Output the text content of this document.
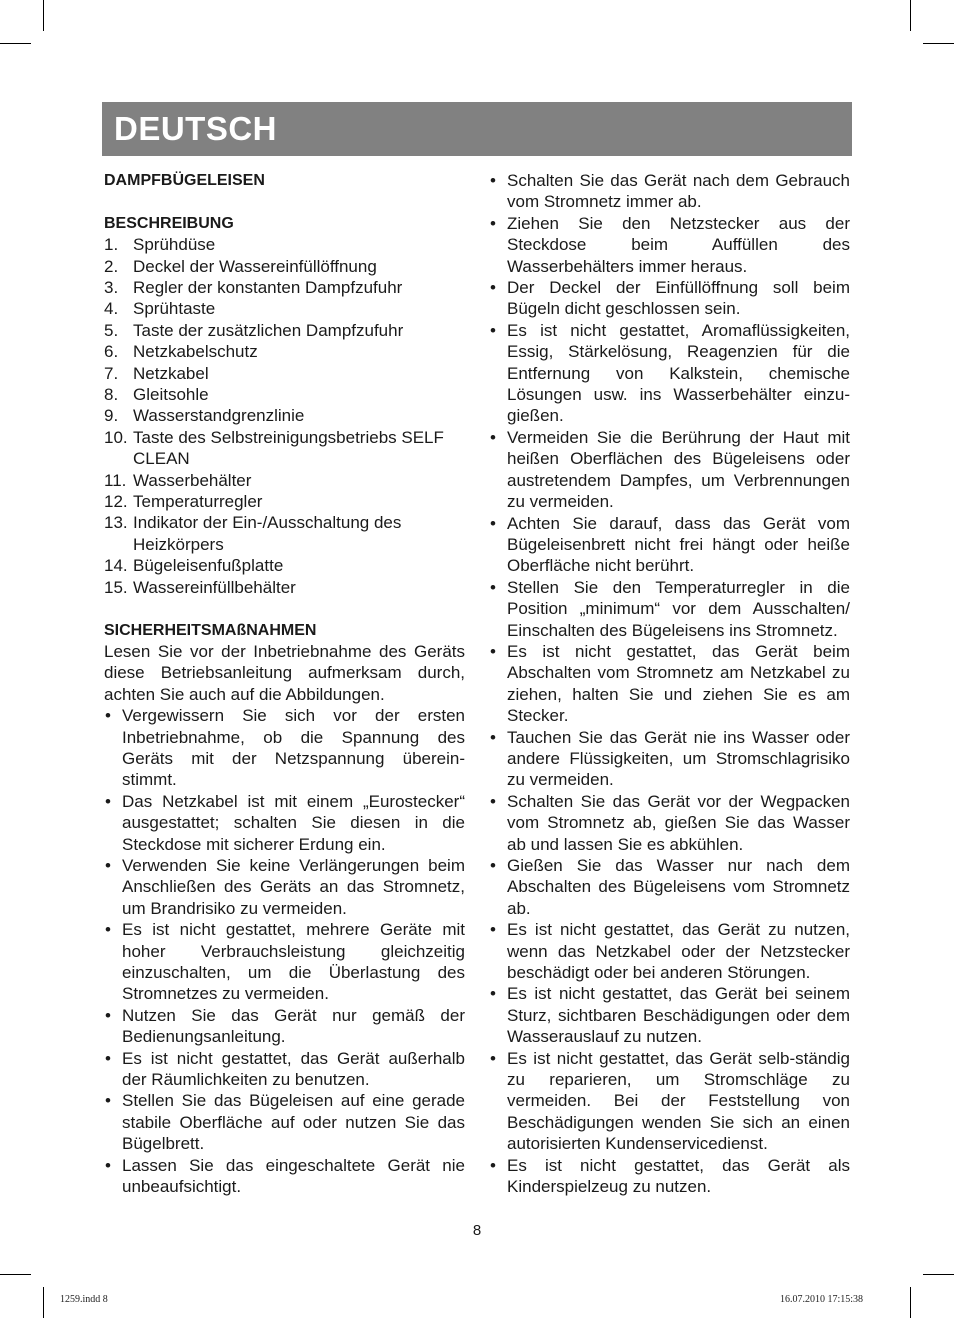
DEUTSCH
DAMPFBÜGELEISEN
BESCHREIBUNG
1. Sprühdüse
2. Deckel der Wassereinfüllöffnung
3. Regler der konstanten Dampfzufuhr
4. Sprühtaste
5. Taste der zusätzlichen Dampfzufuhr
6. Netzkabelschutz
7. Netzkabel
8. Gleitsohle
9. Wasserstandgrenzlinie
10. Taste des Selbstreinigungsbetriebs SELF CLEAN
11. Wasserbehälter
12. Temperaturregler
13. Indikator der Ein-/Ausschaltung des Heizkörpers
14. Bügeleisenfußplatte
15. Wassereinfüllbehälter
SICHERHEITSMAßNAHMEN

Lesen Sie vor der Inbetriebnahme des Geräts diese Betriebsanleitung aufmerksam durch, achten Sie auch auf die Abbildungen.

• Vergewissern Sie sich vor der ersten Inbetriebnahme, ob die Spannung des Geräts mit der Netzspannung überein-stimmt.
• Das Netzkabel ist mit einem „Eurostecker“ ausgestattet; schalten Sie diesen in die Steckdose mit sicherer Erdung ein.
• Verwenden Sie keine Verlängerungen beim Anschließen des Geräts an das Stromnetz, um Brandrisiko zu vermeiden.
• Es ist nicht gestattet, mehrere Geräte mit hoher Verbrauchsleistung gleichzeitig einzuschalten, um die Überlastung des Stromnetzes zu vermeiden.
• Nutzen Sie das Gerät nur gemäß der Bedienungsanleitung.
• Es ist nicht gestattet, das Gerät außerhalb der Räumlichkeiten zu benutzen.
• Stellen Sie das Bügeleisen auf eine gerade stabile Oberfläche auf oder nutzen Sie das Bügelbrett.
• Lassen Sie das eingeschaltete Gerät nie unbeaufsichtigt.
• Schalten Sie das Gerät nach dem Gebrauch vom Stromnetz immer ab.
• Ziehen Sie den Netzstecker aus der Steckdose beim Auffüllen des Wasserbehälters immer heraus.
• Der Deckel der Einfüllöffnung soll beim Bügeln dicht geschlossen sein.
• Es ist nicht gestattet, Aromaflüssigkeiten, Essig, Stärkelösung, Reagenzien für die Entfernung von Kalkstein, chemische Lösungen usw. ins Wasserbehälter einzu-gießen.
• Vermeiden Sie die Berührung der Haut mit heißen Oberflächen des Bügeleisens oder austretendem Dampfes, um Verbrennungen zu vermeiden.
• Achten Sie darauf, dass das Gerät vom Bügeleisenbrett nicht frei hängt oder heiße Oberfläche nicht berührt.
• Stellen Sie den Temperaturregler in die Position „minimum“ vor dem Ausschalten/ Einschalten des Bügeleisens ins Stromnetz.
• Es ist nicht gestattet, das Gerät beim Abschalten vom Stromnetz am Netzkabel zu ziehen, halten Sie und ziehen Sie es am Stecker.
• Tauchen Sie das Gerät nie ins Wasser oder andere Flüssigkeiten, um Stromschlagrisiko zu vermeiden.
• Schalten Sie das Gerät vor der Wegpacken vom Stromnetz ab, gießen Sie das Wasser ab und lassen Sie es abkühlen.
• Gießen Sie das Wasser nur nach dem Abschalten des Bügeleisens vom Stromnetz ab.
• Es ist nicht gestattet, das Gerät zu nutzen, wenn das Netzkabel oder der Netzstecker beschädigt oder bei anderen Störungen.
• Es ist nicht gestattet, das Gerät bei seinem Sturz, sichtbaren Beschädigungen oder dem Wasserauslauf zu nutzen.
• Es ist nicht gestattet, das Gerät selb-ständig zu reparieren, um Stromschläge zu vermeiden. Bei der Feststellung von Beschädigungen wenden Sie sich an einen autorisierten Kundenservicedienst.
• Es ist nicht gestattet, das Gerät als Kinderspielzeug zu nutzen.
8
1259.indd 8	16.07.2010 17:15:38
